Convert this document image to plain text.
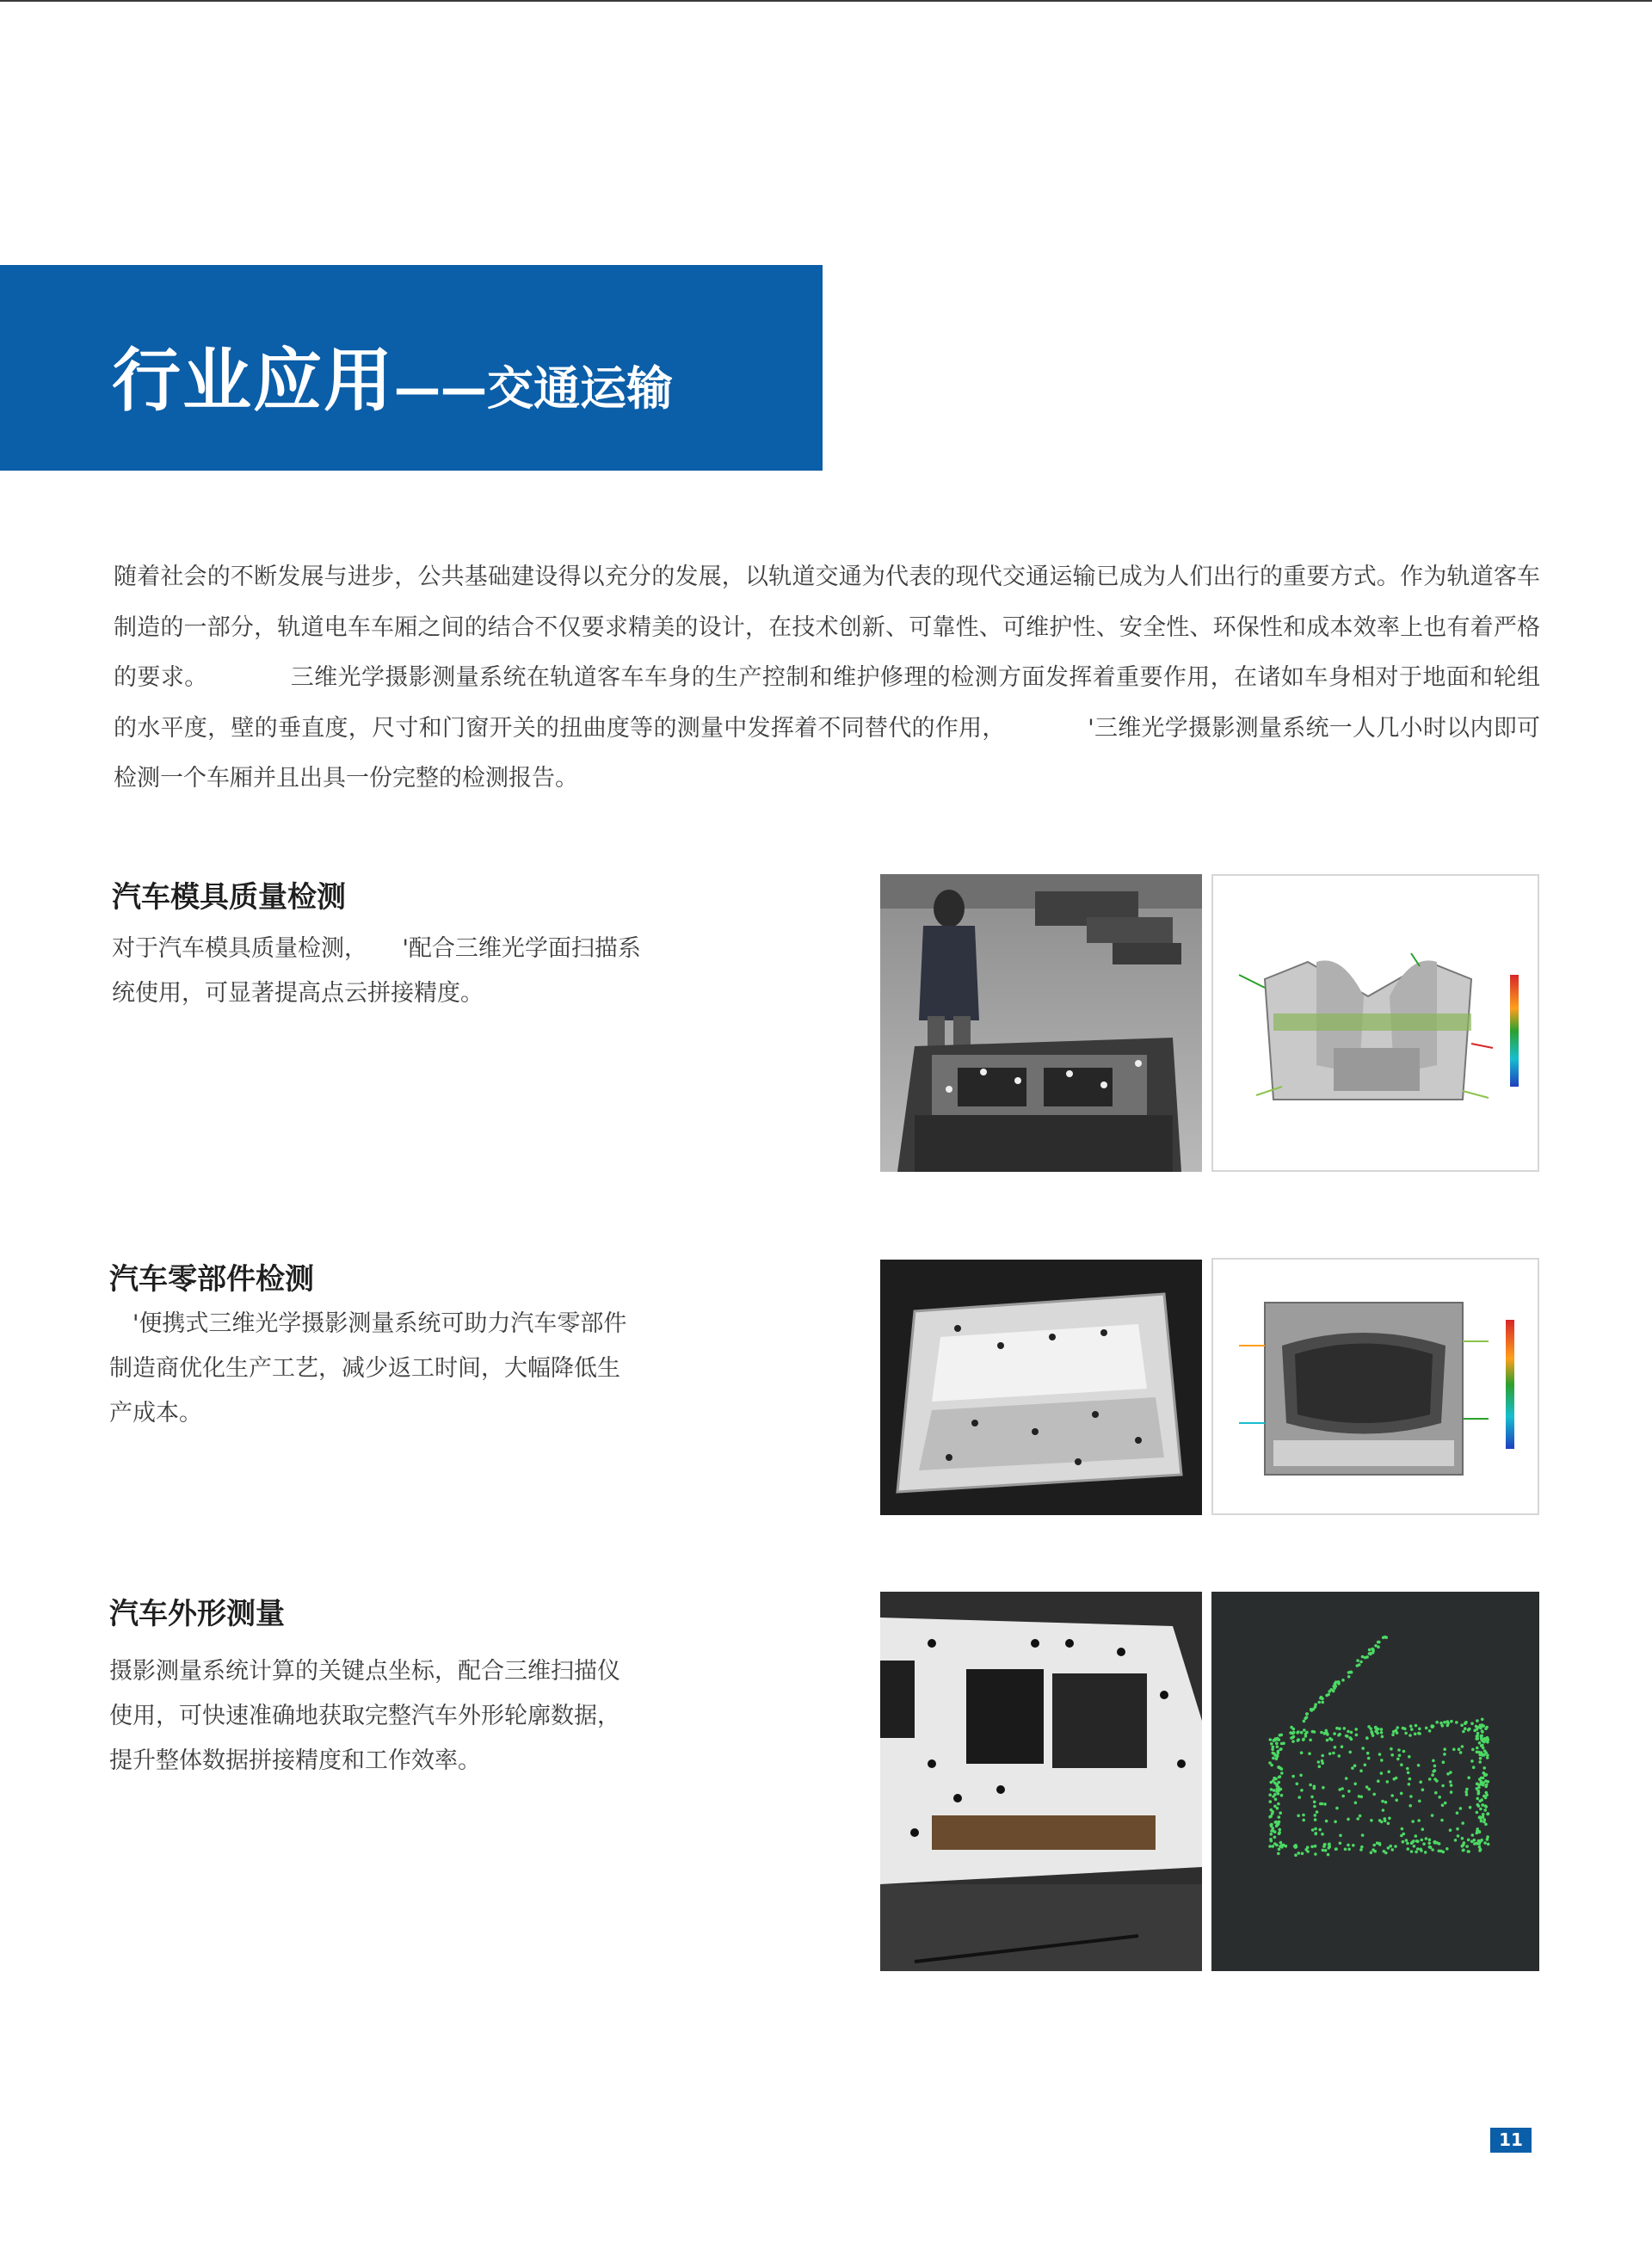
行业应用——交通运输
随着社会的不断发展与进步，公共基础建设得以充分的发展，以轨道交通为代表的现代交通运输已成为人们出行的重要方式。作为轨道客车制造的一部分，轨道电车车厢之间的结合不仅要求精美的设计，在技术创新、可靠性、可维护性、安全性、环保性和成本效率上也有着严格的要求。　　　　三维光学摄影测量系统在轨道客车车身的生产控制和维护修理的检测方面发挥着重要作用，在诸如车身相对于地面和轮组的水平度，壁的垂直度，尺寸和门窗开关的扭曲度等的测量中发挥着不同替代的作用，　　　　'三维光学摄影测量系统一人几小时以内即可检测一个车厢并且出具一份完整的检测报告。
汽车模具质量检测
对于汽车模具质量检测，　　'配合三维光学面扫描系统使用，可显著提高点云拼接精度。
汽车零部件检测
　'便携式三维光学摄影测量系统可助力汽车零部件制造商优化生产工艺，减少返工时间，大幅降低生产成本。
汽车外形测量
摄影测量系统计算的关键点坐标，配合三维扫描仪使用，可快速准确地获取完整汽车外形轮廓数据，提升整体数据拼接精度和工作效率。
11
